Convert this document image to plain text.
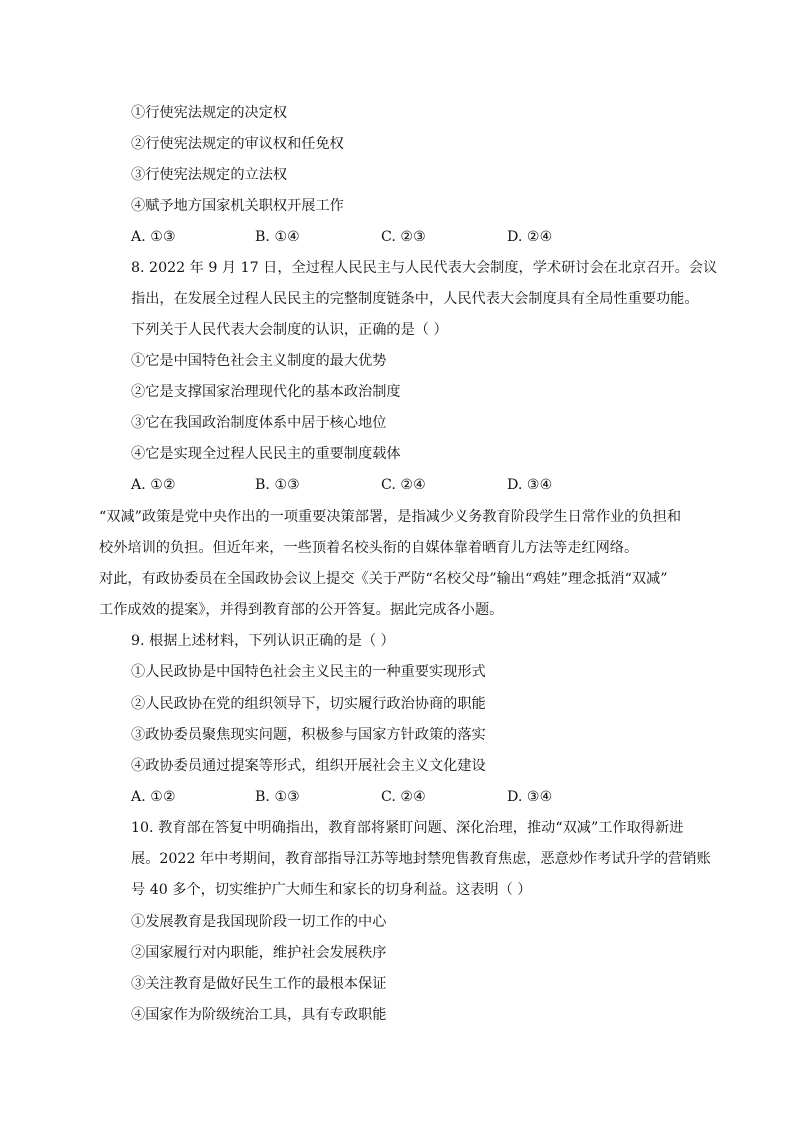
①行使宪法规定的决定权
②行使宪法规定的审议权和任免权
③行使宪法规定的立法权
④赋予地方国家机关职权开展工作
A. ①③	B. ①④	C. ②③	D. ②④
8. 2022 年 9 月 17 日，全过程人民民主与人民代表大会制度，学术研讨会在北京召开。会议
指出，在发展全过程人民民主的完整制度链条中，人民代表大会制度具有全局性重要功能。
下列关于人民代表大会制度的认识，正确的是（ ）
①它是中国特色社会主义制度的最大优势
②它是支撑国家治理现代化的基本政治制度
③它在我国政治制度体系中居于核心地位
④它是实现全过程人民民主的重要制度载体
A. ①②	B. ①③	C. ②④	D. ③④
“双减”政策是党中央作出的一项重要决策部署，是指减少义务教育阶段学生日常作业的负担和
校外培训的负担。但近年来，一些顶着名校头衔的自媒体靠着晒育儿方法等走红网络。
对此，有政协委员在全国政协会议上提交《关于严防“名校父母”输出“鸡娃”理念抵消“双减”
工作成效的提案》，并得到教育部的公开答复。据此完成各小题。
9. 根据上述材料，下列认识正确的是（ ）
①人民政协是中国特色社会主义民主的一种重要实现形式
②人民政协在党的组织领导下，切实履行政治协商的职能
③政协委员聚焦现实问题，积极参与国家方针政策的落实
④政协委员通过提案等形式，组织开展社会主义文化建设
A. ①②	B. ①③	C. ②④	D. ③④
10. 教育部在答复中明确指出，教育部将紧盯问题、深化治理，推动“双减”工作取得新进
展。2022 年中考期间，教育部指导江苏等地封禁兜售教育焦虑，恶意炒作考试升学的营销账
号 40 多个，切实维护广大师生和家长的切身利益。这表明（ ）
①发展教育是我国现阶段一切工作的中心
②国家履行对内职能，维护社会发展秩序
③关注教育是做好民生工作的最根本保证
④国家作为阶级统治工具，具有专政职能
